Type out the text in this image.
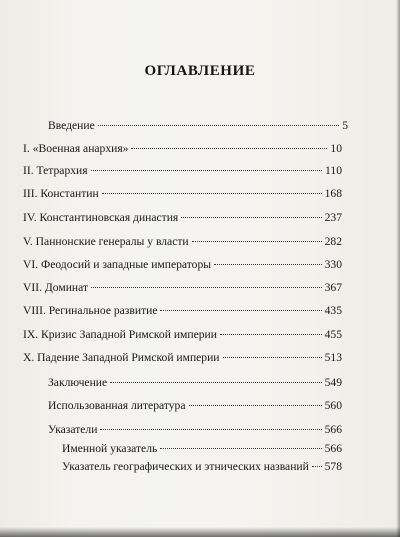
ОГЛАВЛЕНИЕ
Введение	5
I. «Военная анархия»	10
II. Тетрархия	110
III. Константин	168
IV. Константиновская династия	237
V. Паннонские генералы у власти	282
VI. Феодосий и западные императоры	330
VII. Доминат	367
VIII. Регинальное развитие	435
IX. Кризис Западной Римской империи	455
X. Падение Западной Римской империи	513
Заключение	549
Использованная литература	560
Указатели	566
Именной указатель	566
Указатель географических и этнических названий 578
